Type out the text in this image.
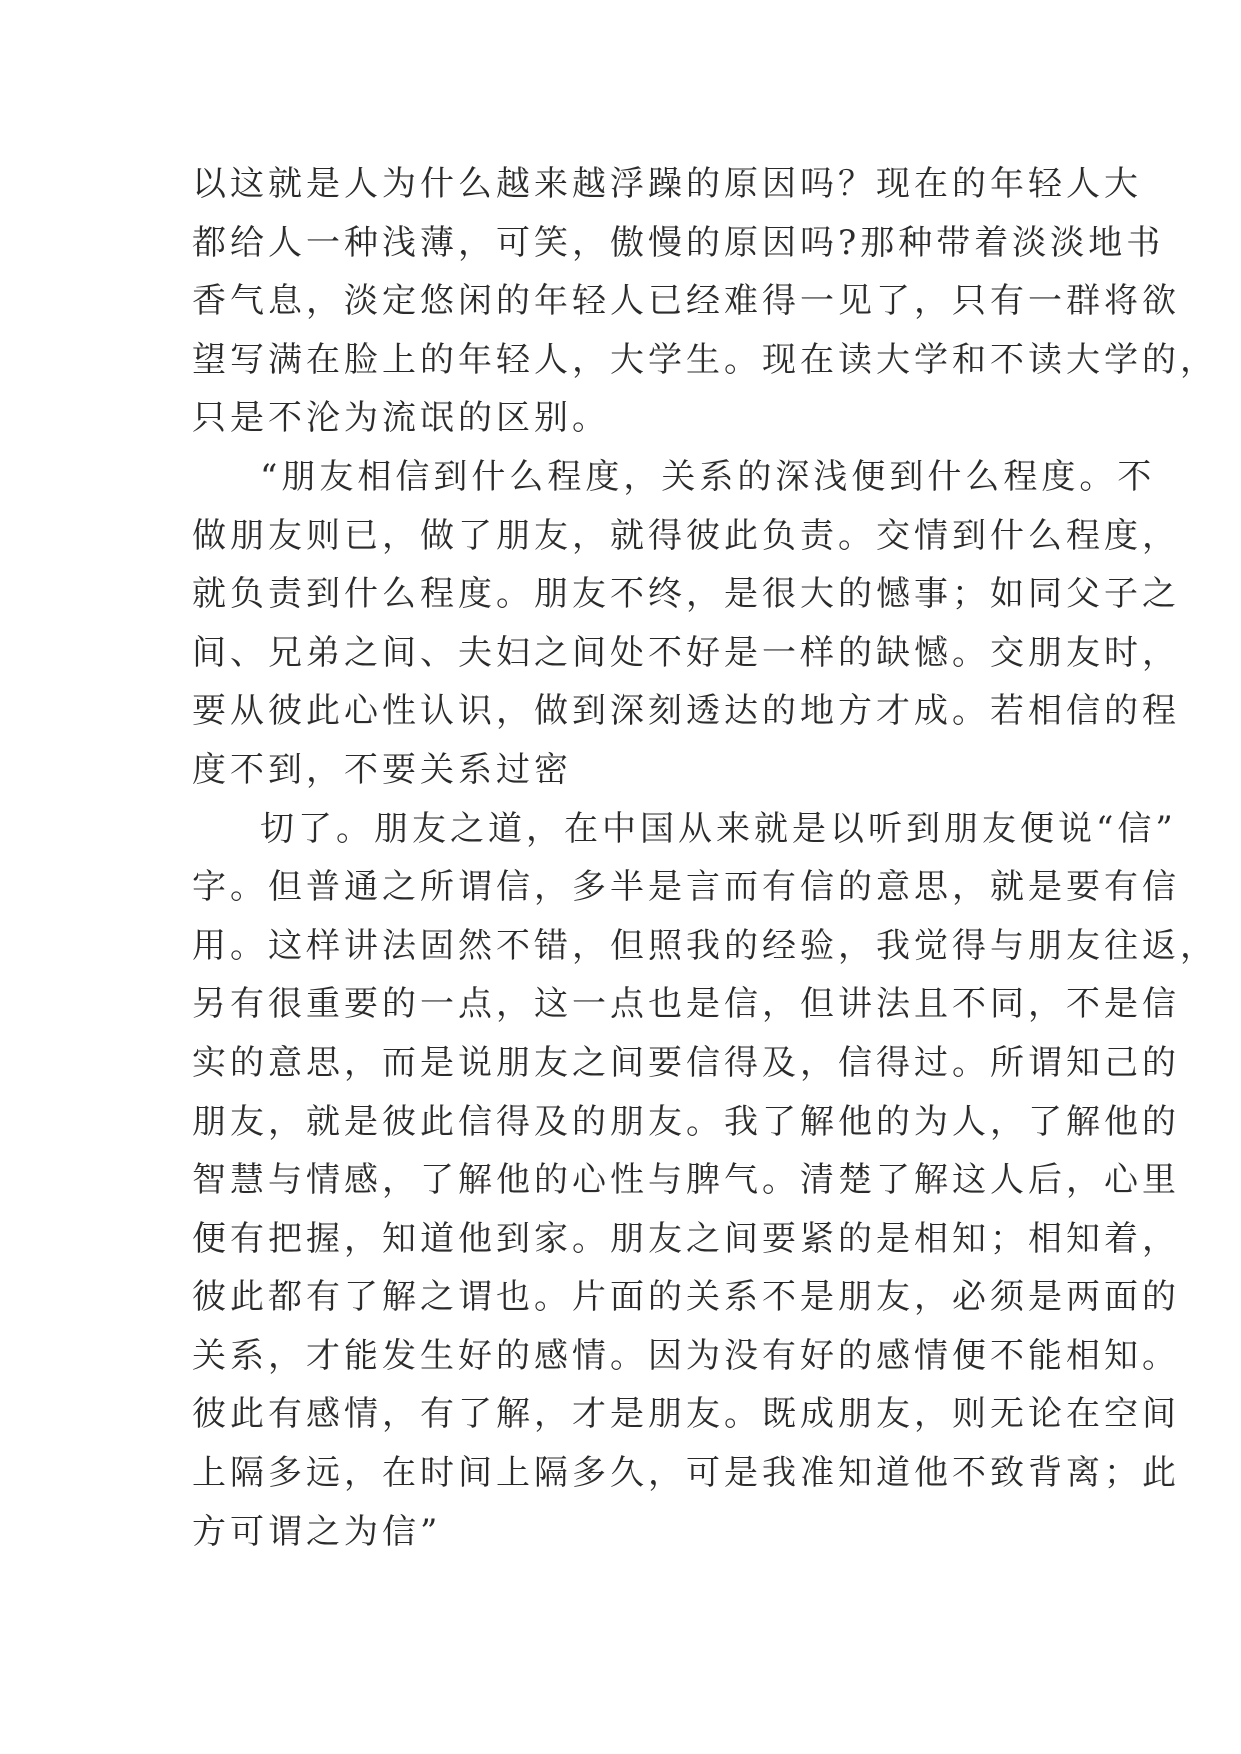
以这就是人为什么越来越浮躁的原因吗？现在的年轻人大
都给人一种浅薄，可笑，傲慢的原因吗?那种带着淡淡地书
香气息，淡定悠闲的年轻人已经难得一见了，只有一群将欲
望写满在脸上的年轻人，大学生。现在读大学和不读大学的，
只是不沦为流氓的区别。
“朋友相信到什么程度，关系的深浅便到什么程度。不
做朋友则已，做了朋友，就得彼此负责。交情到什么程度，
就负责到什么程度。朋友不终，是很大的憾事；如同父子之
间、兄弟之间、夫妇之间处不好是一样的缺憾。交朋友时，
要从彼此心性认识，做到深刻透达的地方才成。若相信的程
度不到，不要关系过密
切了。朋友之道，在中国从来就是以听到朋友便说“信”
字。但普通之所谓信，多半是言而有信的意思，就是要有信
用。这样讲法固然不错，但照我的经验，我觉得与朋友往返，
另有很重要的一点，这一点也是信，但讲法且不同，不是信
实的意思，而是说朋友之间要信得及，信得过。所谓知己的
朋友，就是彼此信得及的朋友。我了解他的为人，了解他的
智慧与情感，了解他的心性与脾气。清楚了解这人后，心里
便有把握，知道他到家。朋友之间要紧的是相知；相知着，
彼此都有了解之谓也。片面的关系不是朋友，必须是两面的
关系，才能发生好的感情。因为没有好的感情便不能相知。
彼此有感情，有了解，才是朋友。既成朋友，则无论在空间
上隔多远，在时间上隔多久，可是我准知道他不致背离；此
方可谓之为信”
